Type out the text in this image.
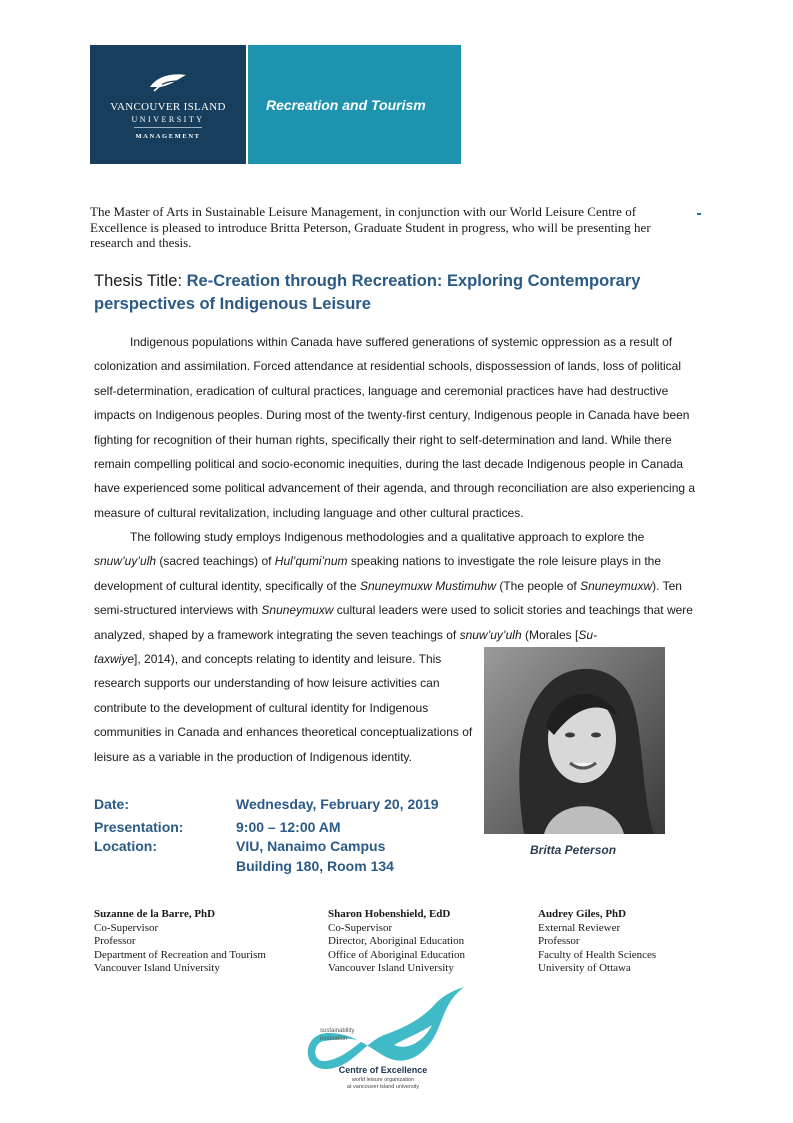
VANCOUVER ISLAND
UNIVERSITY
MANAGEMENT
Recreation and Tourism
The Master of Arts in Sustainable Leisure Management, in conjunction with our World Leisure Centre of Excellence is pleased to introduce Britta Peterson, Graduate Student in progress, who will be presenting her research and thesis.
Thesis Title: Re-Creation through Recreation: Exploring Contemporary perspectives of Indigenous Leisure
Indigenous populations within Canada have suffered generations of systemic oppression as a result of colonization and assimilation. Forced attendance at residential schools, dispossession of lands, loss of political self-determination, eradication of cultural practices, language and ceremonial practices have had destructive impacts on Indigenous peoples. During most of the twenty-first century, Indigenous people in Canada have been fighting for recognition of their human rights, specifically their right to self-determination and land. While there remain compelling political and socio-economic inequities, during the last decade Indigenous people in Canada have experienced some political advancement of their agenda, and through reconciliation are also experiencing a measure of cultural revitalization, including language and other cultural practices.
The following study employs Indigenous methodologies and a qualitative approach to explore the snuw’uy’ulh (sacred teachings) of Hul’qumi’num speaking nations to investigate the role leisure plays in the development of cultural identity, specifically of the Snuneymuxw Mustimuhw (The people of Snuneymuxw). Ten semi-structured interviews with Snuneymuxw cultural leaders were used to solicit stories and teachings that were analyzed, shaped by a framework integrating the seven teachings of snuw’uy’ulh (Morales [Su-
taxwiye], 2014), and concepts relating to identity and leisure. This research supports our understanding of how leisure activities can contribute to the development of cultural identity for Indigenous communities in Canada and enhances theoretical conceptualizations of leisure as a variable in the production of Indigenous identity.
Britta Peterson
Date:	Wednesday, February 20, 2019
Presentation:	9:00 – 12:00 AM
Location:	VIU, Nanaimo Campus
Building 180, Room 134
Suzanne de la Barre, PhD
Co-Supervisor
Professor
Department of Recreation and Tourism
Vancouver Island University
Sharon Hobenshield, EdD
Co-Supervisor
Director, Aboriginal Education
Office of Aboriginal Education
Vancouver Island University
Audrey Giles, PhD
External Reviewer
Professor
Faculty of Health Sciences
University of Ottawa
sustainability
innovation
Centre of Excellence
world leisure organization
at vancouver island university
